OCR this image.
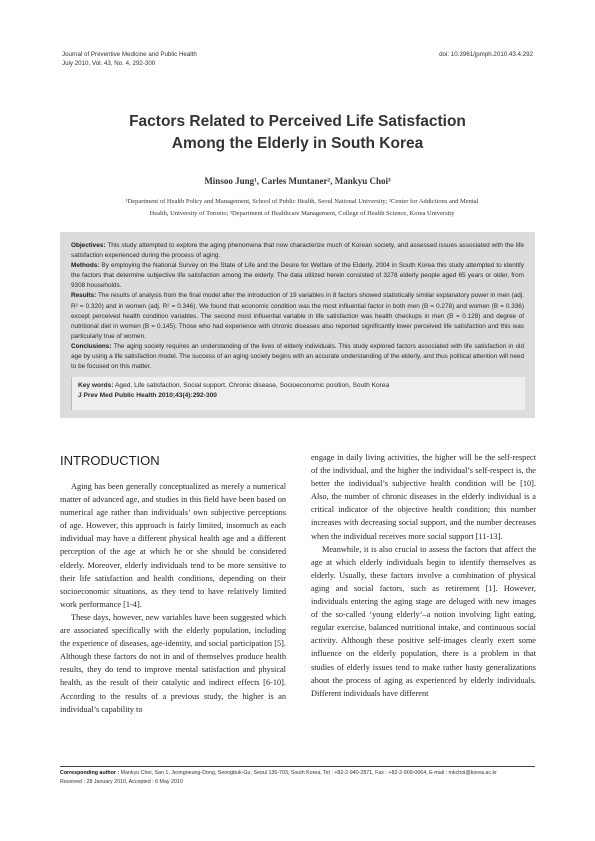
Journal of Preventive Medicine and Public Health
July 2010, Vol. 43, No. 4, 292-300
doi: 10.3961/jpmph.2010.43.4.292
Factors Related to Perceived Life Satisfaction
Among the Elderly in South Korea
Minsoo Jung¹, Carles Muntaner², Mankyu Choi³
¹Department of Health Policy and Management, School of Public Health, Seoul National University; ²Center for Addictions and Mental
Health, University of Toronto; ³Department of Healthcare Management, College of Health Science, Korea University

Objectives: This study attempted to explore the aging phenomena that now characterize much of Korean society, and assessed issues associated with the life satisfaction experienced during the process of aging.

Methods: By employing the National Survey on the State of Life and the Desire for Welfare of the Elderly, 2004 in South Korea this study attempted to identify the factors that determine subjective life satisfaction among the elderly. The data utilized herein consisted of 3278 elderly people aged 65 years or older, from 9308 households.

Results: The results of analysis from the final model after the introduction of 19 variables in 8 factors showed statistically similar explanatory power in men (adj. R² = 0.320) and in women (adj. R² = 0.346). We found that economic condition was the most influential factor in both men (B = 0.278) and women (B = 0.336) except perceived health condition variables. The second most influential variable in life satisfaction was health checkups in men (B = 0.128) and degree of nutritional diet in women (B = 0.145). Those who had experience with chronic diseases also reported significantly lower perceived life satisfaction and this was particularly true of women.

Conclusions: The aging society requires an understanding of the lives of elderly individuals. This study explored factors associated with life satisfaction in old age by using a life satisfaction model. The success of an aging society begins with an accurate understanding of the elderly, and thus political attention will need to be focused on this matter.

Key words: Aged, Life satisfaction, Social support, Chronic disease, Socioeconomic position, South Korea
J Prev Med Public Health 2010;43(4):292-300
INTRODUCTION

Aging has been generally conceptualized as merely a numerical matter of advanced age, and studies in this field have been based on numerical age rather than individuals’ own subjective perceptions of age. However, this approach is fairly limited, insomuch as each individual may have a different physical health age and a different perception of the age at which he or she should be considered elderly. Moreover, elderly individuals tend to be more sensitive to their life satisfaction and health conditions, depending on their socioeconomic situations, as they tend to have relatively limited work performance [1-4].

These days, however, new variables have been suggested which are associated specifically with the elderly population, including the experience of diseases, age-identity, and social participation [5]. Although these factors do not in and of themselves produce health results, they do tend to improve mental satisfaction and physical health, as the result of their catalytic and indirect effects [6-10]. According to the results of a previous study, the higher is an individual’s capability to

engage in daily living activities, the higher will be the self-respect of the individual, and the higher the individual’s self-respect is, the better the individual’s subjective health condition will be [10]. Also, the number of chronic diseases in the elderly individual is a critical indicator of the objective health condition; this number increases with decreasing social support, and the number decreases when the individual receives more social support [11-13].

Meanwhile, it is also crucial to assess the factors that affect the age at which elderly individuals begin to identify themselves as elderly. Usually, these factors involve a combination of physical aging and social factors, such as retirement [1]. However, individuals entering the aging stage are deluged with new images of the so-called ‘young elderly’–a notion involving light eating, regular exercise, balanced nutritional intake, and continuous social activity. Although these positive self-images clearly exert some influence on the elderly population, there is a problem in that studies of elderly issues tend to make rather hasty generalizations about the process of aging as experienced by elderly individuals. Different individuals have different

Corresponding author : Mankyu Choi, San 1, Jeongneung-Dong, Seongbuk-Gu, Seoul 136-703, South Korea, Tel : +82-2-940-2871, Fax : +82-2-909-0064, E-mail : mkchoi@korea.ac.kr
Received : 28 January 2010, Accepted : 6 May 2010
